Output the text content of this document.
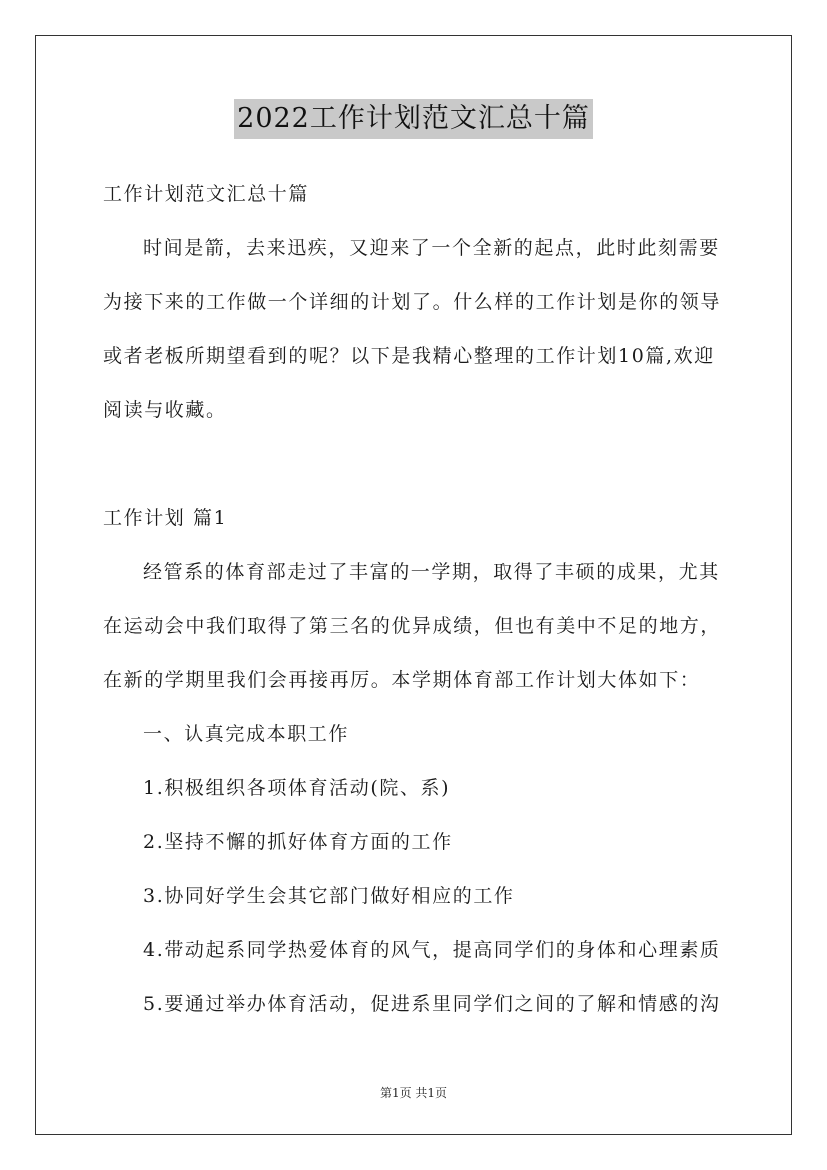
2022工作计划范文汇总十篇
工作计划范文汇总十篇
时间是箭，去来迅疾，又迎来了一个全新的起点，此时此刻需要
为接下来的工作做一个详细的计划了。什么样的工作计划是你的领导
或者老板所期望看到的呢？以下是我精心整理的工作计划10篇,欢迎
阅读与收藏。
工作计划 篇1
经管系的体育部走过了丰富的一学期，取得了丰硕的成果，尤其
在运动会中我们取得了第三名的优异成绩，但也有美中不足的地方，
在新的学期里我们会再接再厉。本学期体育部工作计划大体如下：
一、认真完成本职工作
1.积极组织各项体育活动(院、系)
2.坚持不懈的抓好体育方面的工作
3.协同好学生会其它部门做好相应的工作
4.带动起系同学热爱体育的风气，提高同学们的身体和心理素质
5.要通过举办体育活动，促进系里同学们之间的了解和情感的沟
第1页 共1页
